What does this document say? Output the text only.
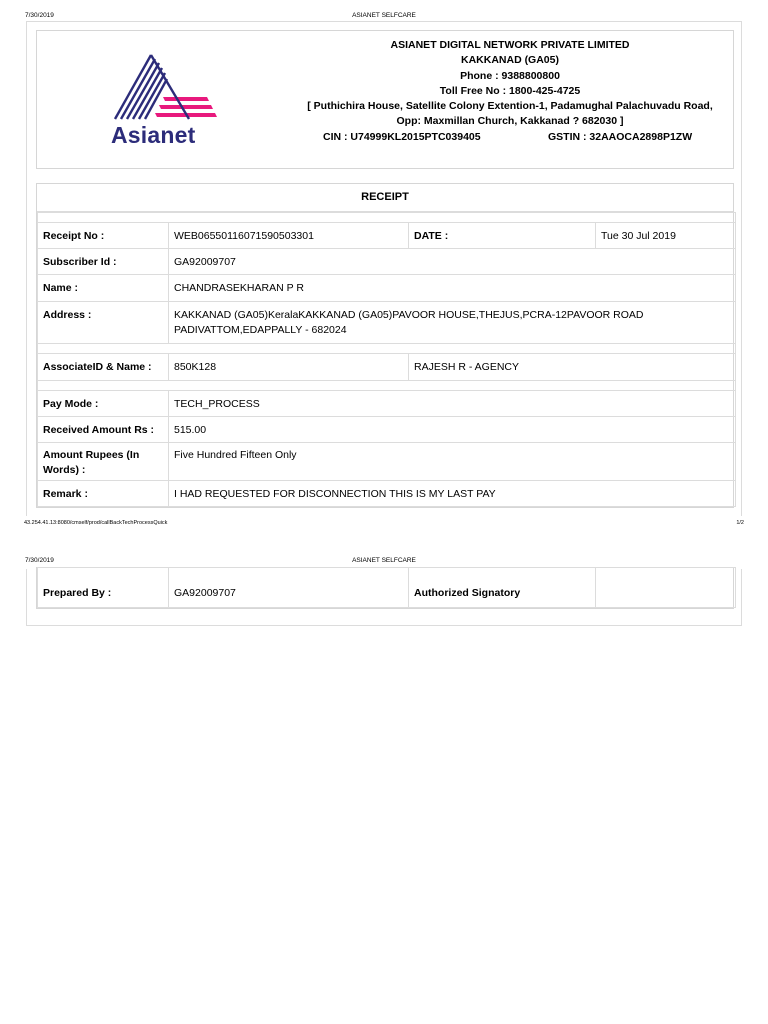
7/30/2019	ASIANET SELFCARE
Asianet
ASIANET DIGITAL NETWORK PRIVATE LIMITED
KAKKANAD (GA05)
Phone : 9388800800
Toll Free No : 1800-425-4725
[ Puthichira House, Satellite Colony Extention-1, Padamughal Palachuvadu Road,
Opp: Maxmillan Church, Kakkanad ? 682030 ]
CIN : U74999KL2015PTC039405	GSTIN : 32AAOCA2898P1ZW
RECEIPT

Receipt No :	WEB06550116071590503301	DATE :	Tue 30 Jul 2019
Subscriber Id :	GA92009707		
Name :	CHANDRASEKHARAN P R		
Address :	KAKKANAD (GA05)KeralaKAKKANAD (GA05)PAVOOR HOUSE,THEJUS,PCRA-12PAVOOR ROAD
PADIVATTOM,EDAPPALLY - 682024		

AssociateID & Name :	850K128	RAJESH R - AGENCY	

Pay Mode :	TECH_PROCESS		
Received Amount Rs :	515.00		

Amount Rupees (In
Words) :	Five Hundred Fifteen Only		
Remark :	I HAD REQUESTED FOR DISCONNECTION THIS IS MY LAST PAY		
43.254.41.13:8080/cmself/prod/callBackTechProcessQuick	1/2
7/30/2019	ASIANET SELFCARE
Prepared By :	GA92009707	Authorized Signatory	
